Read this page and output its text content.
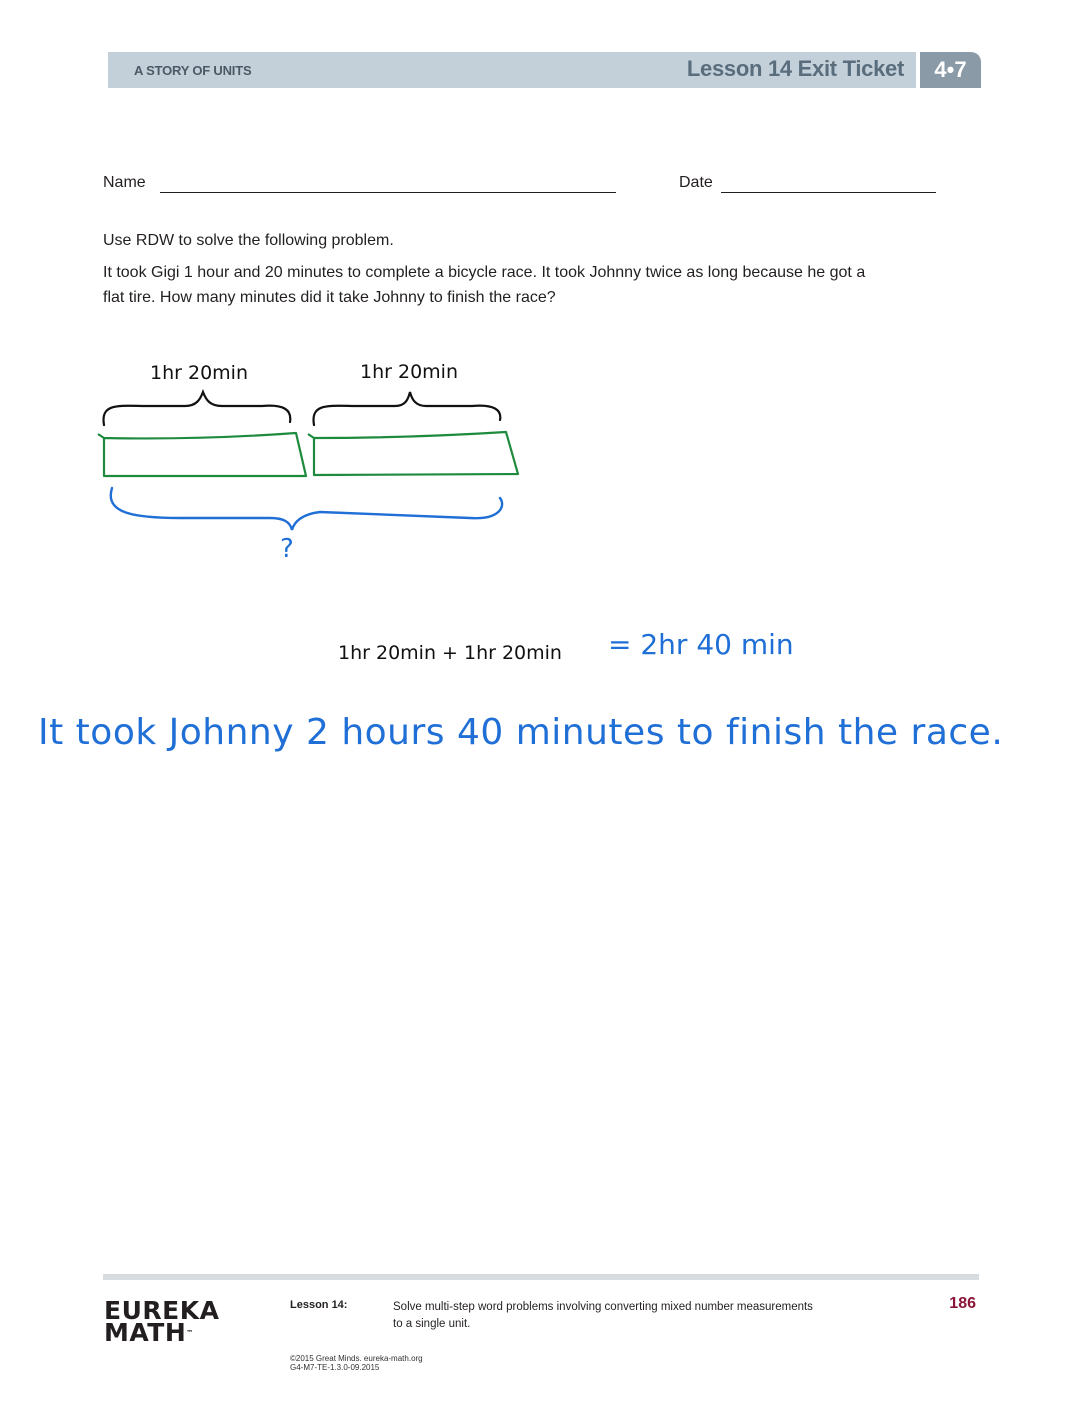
A STORY OF UNITS	Lesson 14 Exit Ticket	4•7
Name	Date
Use RDW to solve the following problem.
It took Gigi 1 hour and 20 minutes to complete a bicycle race. It took Johnny twice as long because he got a
flat tire. How many minutes did it take Johnny to finish the race?
1hr 20min	1hr 20min
?
1hr 20min + 1hr 20min = 2hr 40 min
It took Johnny 2 hours 40 minutes to finish the race.
EUREKA
MATH™
Lesson 14:	Solve multi-step word problems involving converting mixed number measurements to a single unit.
186
©2015 Great Minds. eureka-math.org
G4-M7-TE-1.3.0-09.2015
